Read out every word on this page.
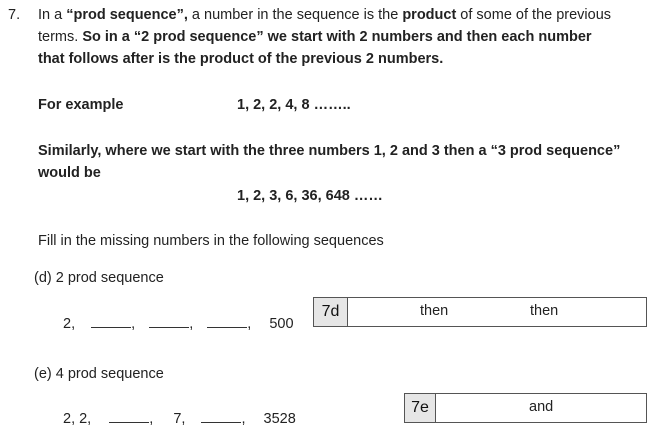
7. In a “prod sequence”, a number in the sequence is the product of some of the previous
terms. So in a “2 prod sequence” we start with 2 numbers and then each number
that follows after is the product of the previous 2 numbers.
For example	1, 2, 2, 4, 8 ……..
Similarly, where we start with the three numbers 1, 2 and 3 then a “3 prod sequence”
would be
1, 2, 3, 6, 36, 648 ……
Fill in the missing numbers in the following sequences
(d) 2 prod sequence
2,	,	,	, 500
7d	then	then
(e) 4 prod sequence
2, 2,	, 7,	, 3528
7e	and
